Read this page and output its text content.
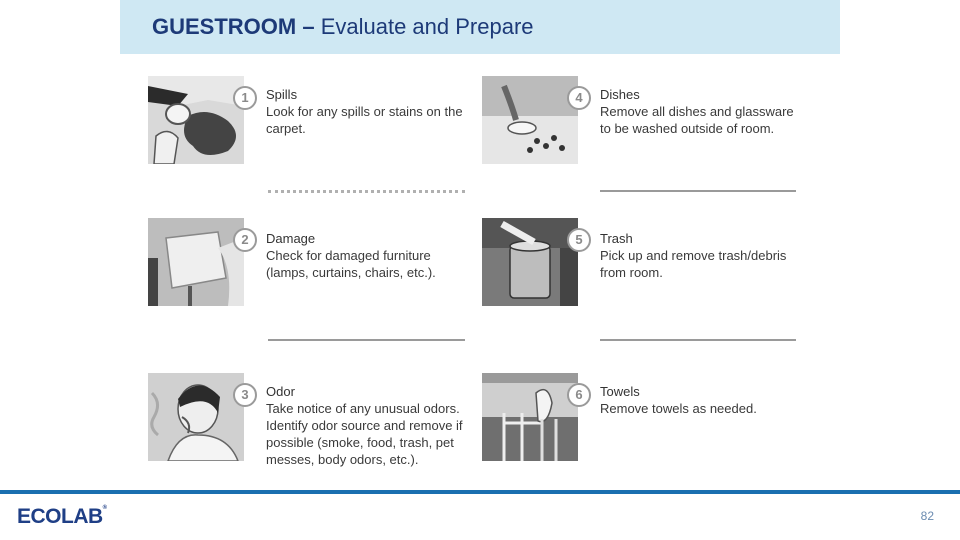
GUESTROOM – Evaluate and Prepare
1	Spills
Look for any spills or stains on the carpet.
2	Damage
Check for damaged furniture (lamps, curtains, chairs, etc.).
3	Odor
Take notice of any unusual odors. Identify odor source and remove if possible (smoke, food, trash, pet messes, body odors, etc.).
4	Dishes
Remove all dishes and glassware to be washed outside of room.
5	Trash
Pick up and remove trash/debris from room.
6	Towels
Remove towels as needed.
ECOLAB®
82
